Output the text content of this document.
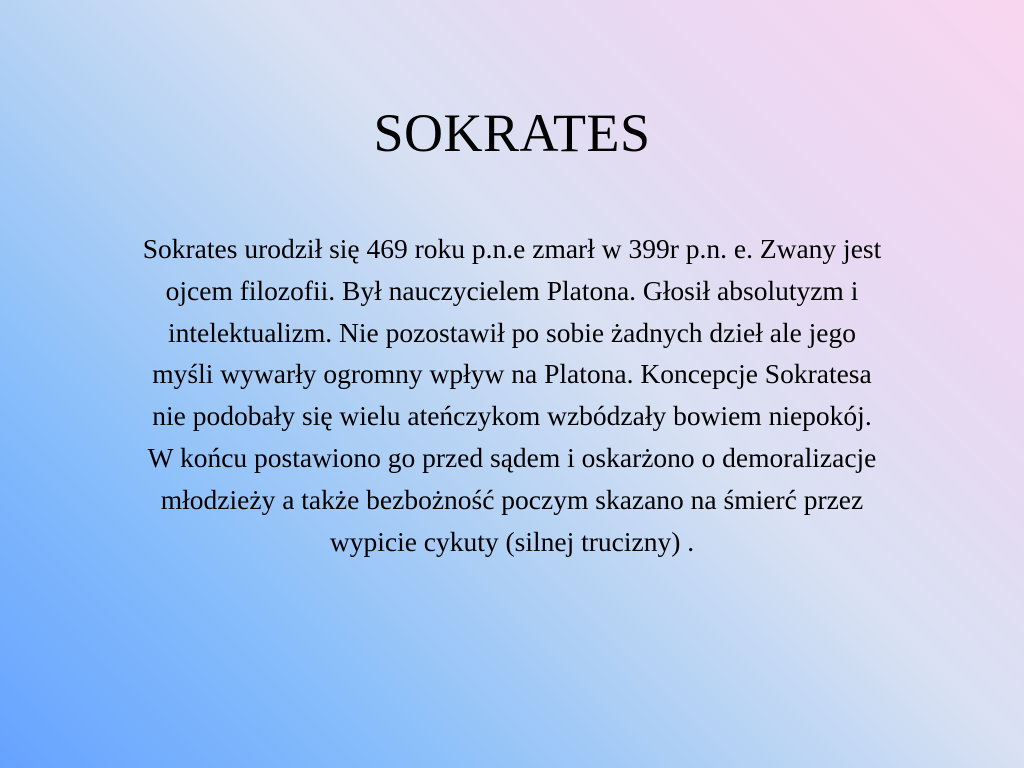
SOKRATES
Sokrates urodził się 469 roku p.n.e zmarł w 399r p.n. e. Zwany jest ojcem filozofii. Był nauczycielem Platona. Głosił absolutyzm i intelektualizm. Nie pozostawił po sobie żadnych dzieł ale jego myśli wywarły ogromny wpływ na Platona. Koncepcje Sokratesa nie podobały się wielu ateńczykom wzbódzały bowiem niepokój. W końcu postawiono go przed sądem i oskarżono o demoralizacje młodzieży a także bezbożność poczym skazano na śmierć przez wypicie cykuty (silnej trucizny) .
